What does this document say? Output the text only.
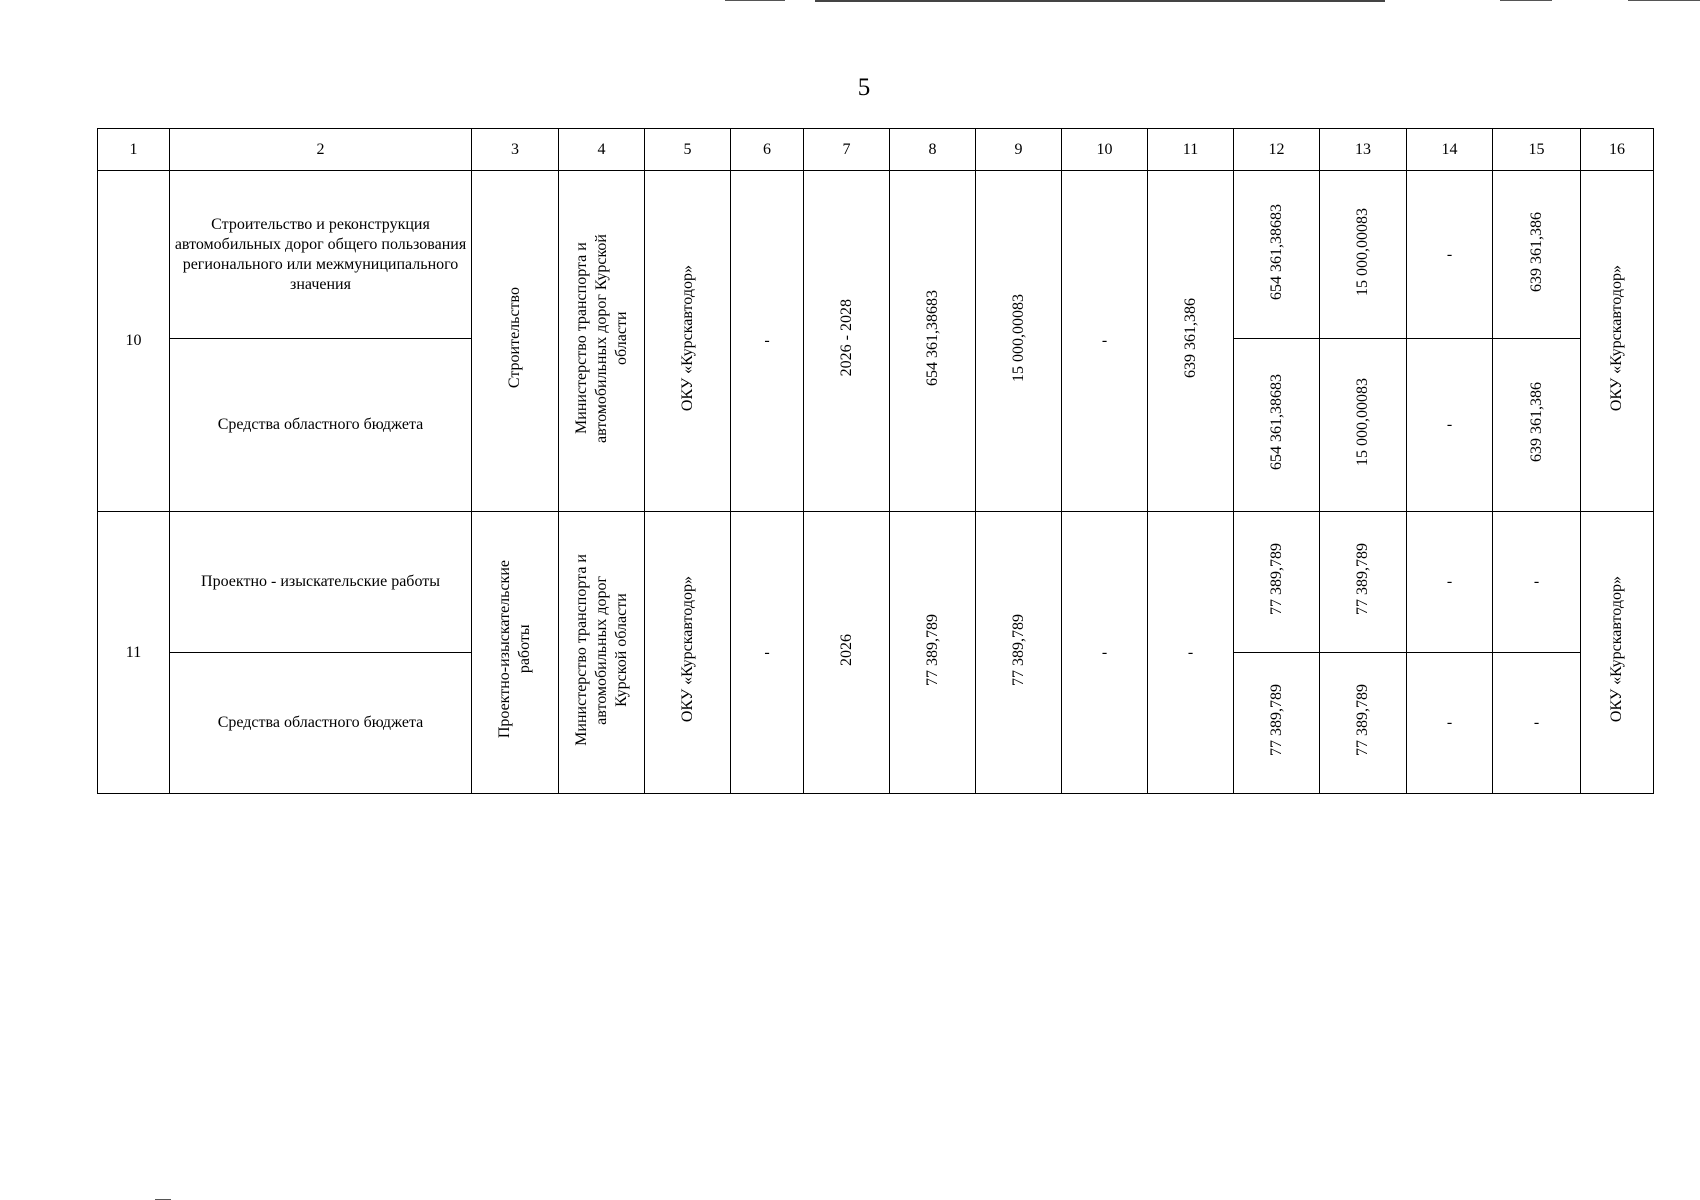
5
1	2	3	4	5	6	7	8	9	10	11	12	13	14	15	16
10	Строительство и реконструкция автомобильных дорог общего пользования регионального или межмуниципального значения	Строительство	Министерство транспорта и автомобильных дорог Курской области	ОКУ «Курскавтодор»	-	2026 - 2028	654 361,38683	15 000,00083	-	639 361,386	654 361,38683	15 000,00083	-	639 361,386	ОКУ «Курскавтодор»
	Средства областного бюджета										654 361,38683	15 000,00083	-	639 361,386	
11	Проектно - изыскательские работы	Проектно-изыскательские работы	Министерство транспорта и автомобильных дорог Курской области	ОКУ «Курскавтодор»	-	2026	77 389,789	77 389,789	-	-	77 389,789	77 389,789	-	-	ОКУ «Курскавтодор»
	Средства областного бюджета										77 389,789	77 389,789	-	-	
